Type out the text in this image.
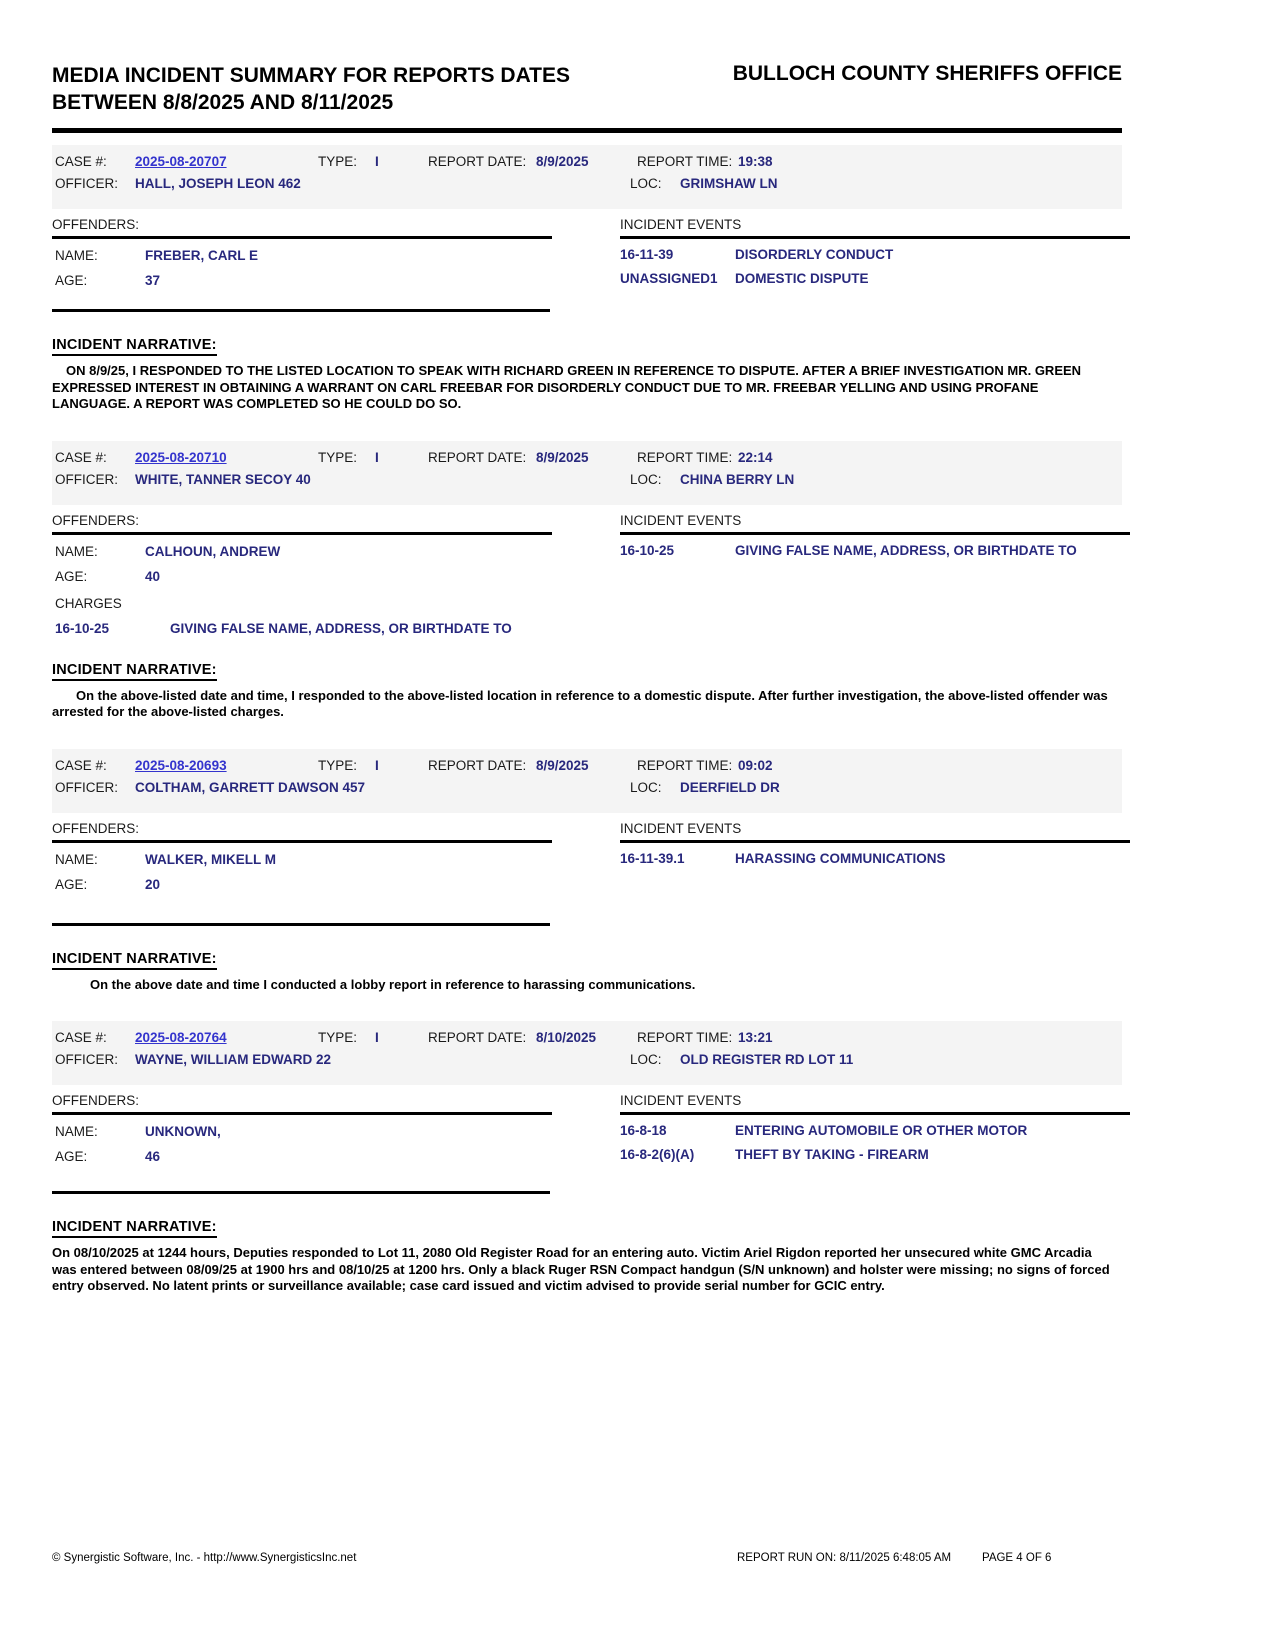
MEDIA INCIDENT SUMMARY FOR REPORTS DATES
BETWEEN 8/8/2025 AND 8/11/2025
BULLOCH COUNTY SHERIFFS OFFICE
CASE #: 2025-08-20707	TYPE: I	REPORT DATE: 8/9/2025	REPORT TIME: 19:38
OFFICER: HALL, JOSEPH LEON 462	LOC: GRIMSHAW LN
OFFENDERS:
NAME:	FREBER, CARL E
AGE:	37
INCIDENT EVENTS
16-11-39	DISORDERLY CONDUCT
UNASSIGNED1 DOMESTIC DISPUTE
INCIDENT NARRATIVE:

ON 8/9/25, I RESPONDED TO THE LISTED LOCATION TO SPEAK WITH RICHARD GREEN IN REFERENCE TO DISPUTE. AFTER A BRIEF INVESTIGATION MR. GREEN EXPRESSED INTEREST IN OBTAINING A WARRANT ON CARL FREEBAR FOR DISORDERLY CONDUCT DUE TO MR. FREEBAR YELLING AND USING PROFANE LANGUAGE. A REPORT WAS COMPLETED SO HE COULD DO SO.

CASE #: 2025-08-20710	TYPE: I	REPORT DATE: 8/9/2025	REPORT TIME: 22:14
OFFICER: WHITE, TANNER SECOY 40	LOC: CHINA BERRY LN
OFFENDERS:
NAME:	CALHOUN, ANDREW
AGE:	40
CHARGES
16-10-25	GIVING FALSE NAME, ADDRESS, OR BIRTHDATE TO
INCIDENT EVENTS
16-10-25	GIVING FALSE NAME, ADDRESS, OR BIRTHDATE TO
INCIDENT NARRATIVE:

On the above-listed date and time, I responded to the above-listed location in reference to a domestic dispute. After further investigation, the above-listed offender was arrested for the above-listed charges.

CASE #: 2025-08-20693	TYPE: I	REPORT DATE: 8/9/2025	REPORT TIME: 09:02
OFFICER: COLTHAM, GARRETT DAWSON 457	LOC: DEERFIELD DR
OFFENDERS:
NAME:	WALKER, MIKELL M
AGE:	20
INCIDENT EVENTS
16-11-39.1	HARASSING COMMUNICATIONS
INCIDENT NARRATIVE:

On the above date and time I conducted a lobby report in reference to harassing communications.

CASE #: 2025-08-20764	TYPE: I	REPORT DATE: 8/10/2025	REPORT TIME: 13:21
OFFICER: WAYNE, WILLIAM EDWARD 22	LOC: OLD REGISTER RD LOT 11
OFFENDERS:
NAME:	UNKNOWN,
AGE:	46
INCIDENT EVENTS
16-8-18	ENTERING AUTOMOBILE OR OTHER MOTOR
16-8-2(6)(A)	THEFT BY TAKING - FIREARM
INCIDENT NARRATIVE:

On 08/10/2025 at 1244 hours, Deputies responded to Lot 11, 2080 Old Register Road for an entering auto. Victim Ariel Rigdon reported her unsecured white GMC Arcadia was entered between 08/09/25 at 1900 hrs and 08/10/25 at 1200 hrs. Only a black Ruger RSN Compact handgun (S/N unknown) and holster were missing; no signs of forced entry observed. No latent prints or surveillance available; case card issued and victim advised to provide serial number for GCIC entry.

© Synergistic Software, Inc. - http://www.SynergisticsInc.net	REPORT RUN ON: 8/11/2025 6:48:05 AM	PAGE 4 OF 6
